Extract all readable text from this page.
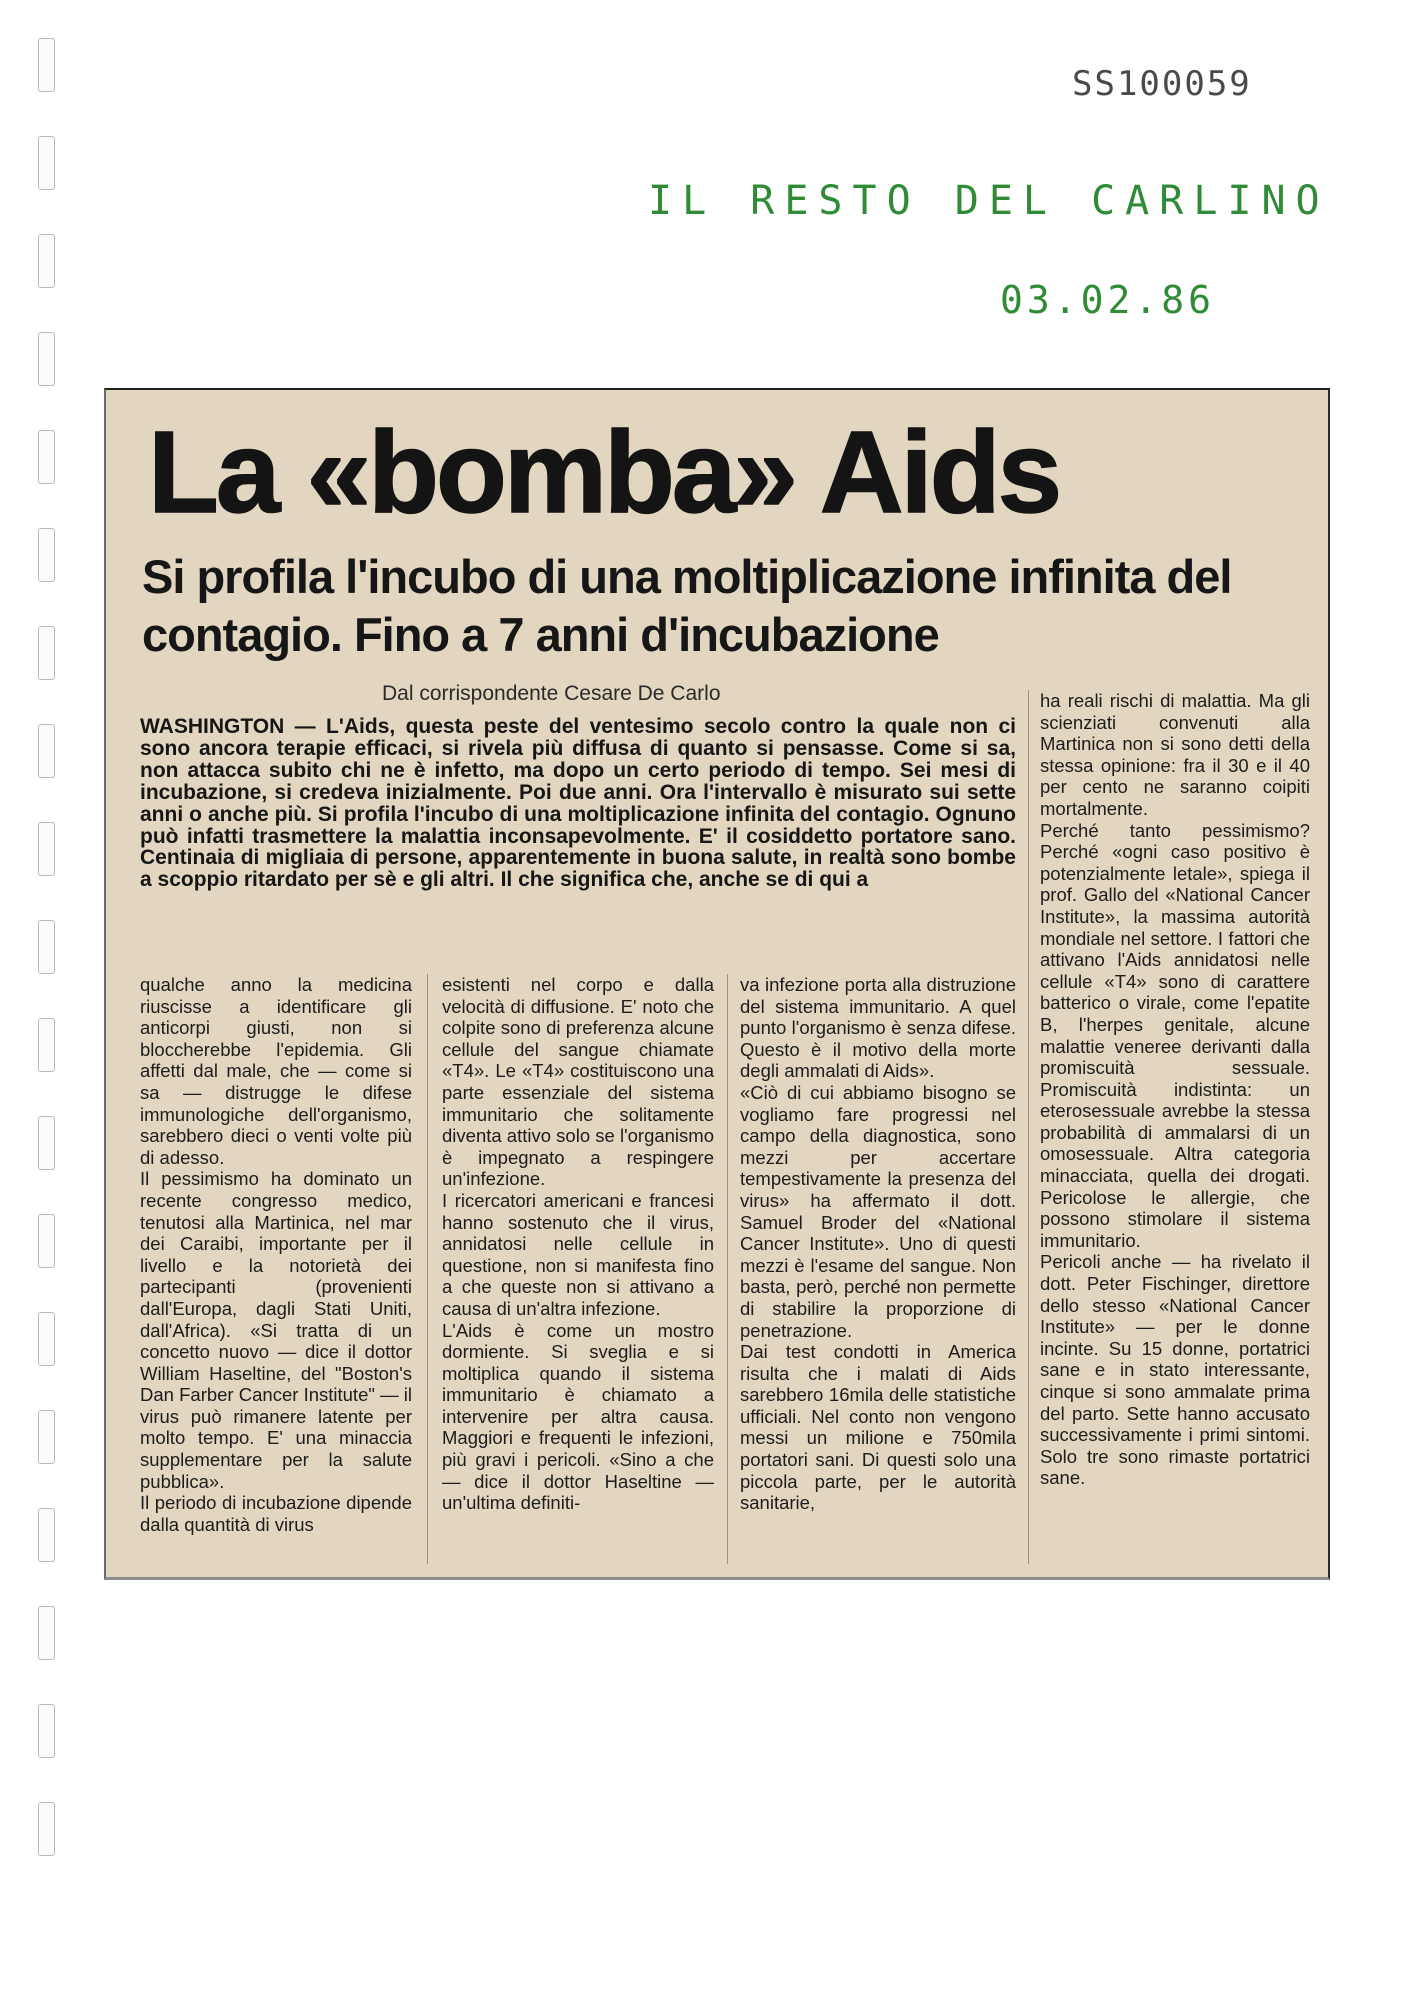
SS100059
IL RESTO DEL CARLINO
03.02.86
La «bomba» Aids
Si profila l'incubo di una moltiplicazione infinita del contagio. Fino a 7 anni d'incubazione
Dal corrispondente Cesare De Carlo

WASHINGTON — L'Aids, questa peste del ventesimo secolo contro la quale non ci sono ancora terapie efficaci, si rivela più diffusa di quanto si pensasse. Come si sa, non attacca subito chi ne è infetto, ma dopo un certo periodo di tempo. Sei mesi di incubazione, si credeva inizialmente. Poi due anni. Ora l'intervallo è misurato sui sette anni o anche più. Si profila l'incubo di una moltiplicazione infinita del contagio. Ognuno può infatti trasmettere la malattia inconsapevolmente. E' il cosiddetto portatore sano. Centinaia di migliaia di persone, apparentemente in buona salute, in realtà sono bombe a scoppio ritardato per sè e gli altri. Il che significa che, anche se di qui a

qualche anno la medicina riuscisse a identificare gli anticorpi giusti, non si bloccherebbe l'epidemia. Gli affetti dal male, che — come si sa — distrugge le difese immunologiche dell'organismo, sarebbero dieci o venti volte più di adesso.
Il pessimismo ha dominato un recente congresso medico, tenutosi alla Martinica, nel mar dei Caraibi, importante per il livello e la notorietà dei partecipanti (provenienti dall'Europa, dagli Stati Uniti, dall'Africa). «Si tratta di un concetto nuovo — dice il dottor William Haseltine, del "Boston's Dan Farber Cancer Institute" — il virus può rimanere latente per molto tempo. E' una minaccia supplementare per la salute pubblica».
Il periodo di incubazione dipende dalla quantità di virus

esistenti nel corpo e dalla velocità di diffusione. E' noto che colpite sono di preferenza alcune cellule del sangue chiamate «T4». Le «T4» costituiscono una parte essenziale del sistema immunitario che solitamente diventa attivo solo se l'organismo è impegnato a respingere un'infezione.
I ricercatori americani e francesi hanno sostenuto che il virus, annidatosi nelle cellule in questione, non si manifesta fino a che queste non si attivano a causa di un'altra infezione.
L'Aids è come un mostro dormiente. Si sveglia e si moltiplica quando il sistema immunitario è chiamato a intervenire per altra causa. Maggiori e frequenti le infezioni, più gravi i pericoli. «Sino a che — dice il dottor Haseltine — un'ultima definiti-

va infezione porta alla distruzione del sistema immunitario. A quel punto l'organismo è senza difese. Questo è il motivo della morte degli ammalati di Aids».
«Ciò di cui abbiamo bisogno se vogliamo fare progressi nel campo della diagnostica, sono mezzi per accertare tempestivamente la presenza del virus» ha affermato il dott. Samuel Broder del «National Cancer Institute». Uno di questi mezzi è l'esame del sangue. Non basta, però, perché non permette di stabilire la proporzione di penetrazione.
Dai test condotti in America risulta che i malati di Aids sarebbero 16mila delle statistiche ufficiali. Nel conto non vengono messi un milione e 750mila portatori sani. Di questi solo una piccola parte, per le autorità sanitarie,

ha reali rischi di malattia. Ma gli scienziati convenuti alla Martinica non si sono detti della stessa opinione: fra il 30 e il 40 per cento ne saranno coipiti mortalmente.
Perché tanto pessimismo? Perché «ogni caso positivo è potenzialmente letale», spiega il prof. Gallo del «National Cancer Institute», la massima autorità mondiale nel settore. I fattori che attivano l'Aids annidatosi nelle cellule «T4» sono di carattere batterico o virale, come l'epatite B, l'herpes genitale, alcune malattie veneree derivanti dalla promiscuità sessuale. Promiscuità indistinta: un eterosessuale avrebbe la stessa probabilità di ammalarsi di un omosessuale. Altra categoria minacciata, quella dei drogati. Pericolose le allergie, che possono stimolare il sistema immunitario.
Pericoli anche — ha rivelato il dott. Peter Fischinger, direttore dello stesso «National Cancer Institute» — per le donne incinte. Su 15 donne, portatrici sane e in stato interessante, cinque si sono ammalate prima del parto. Sette hanno accusato successivamente i primi sintomi. Solo tre sono rimaste portatrici sane.
